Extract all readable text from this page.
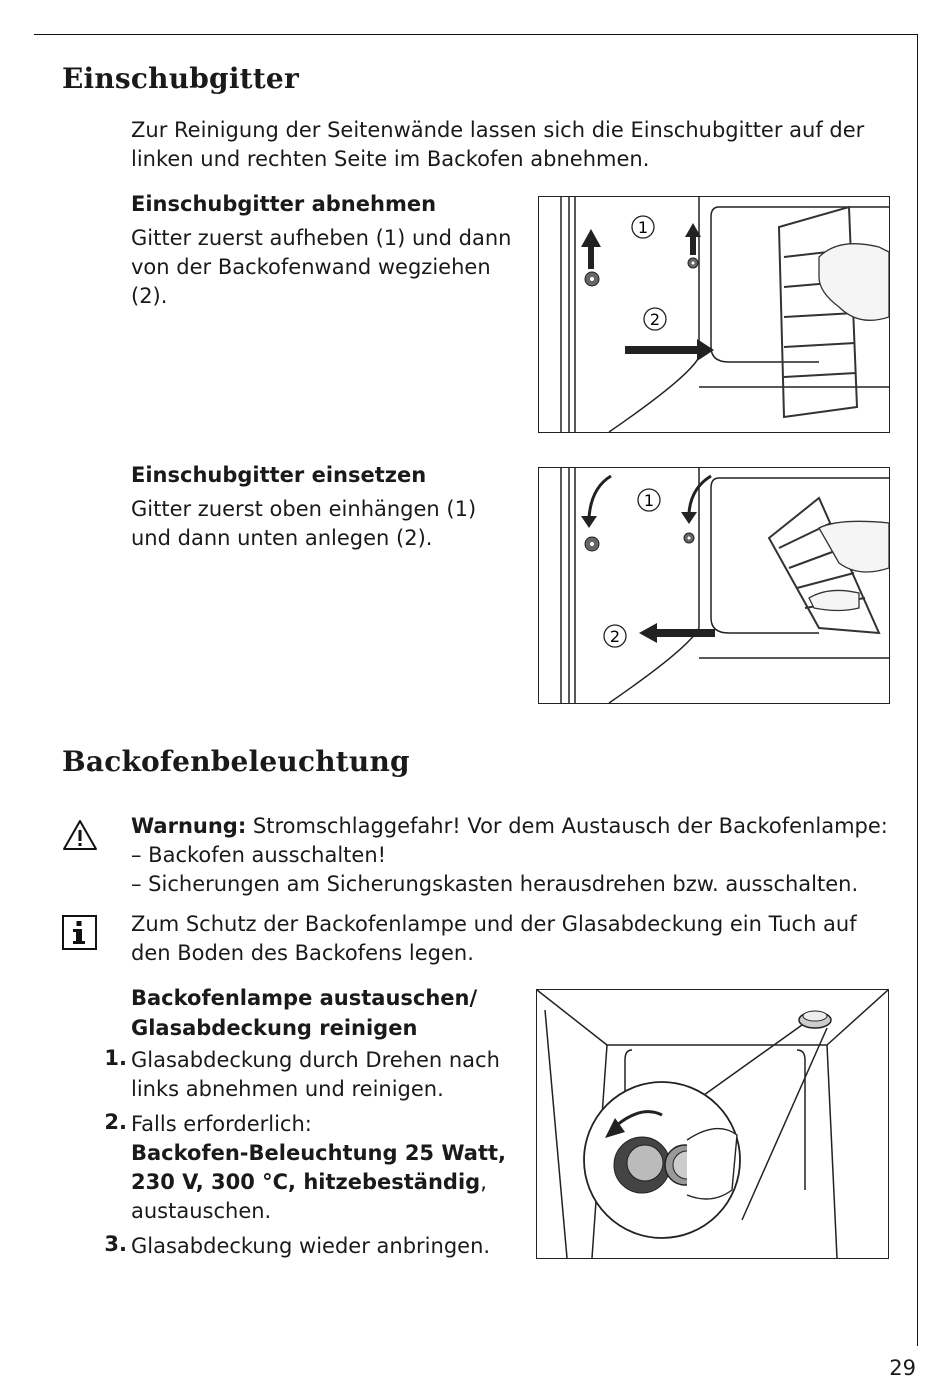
Einschubgitter
Zur Reinigung der Seitenwände lassen sich die Einschubgitter auf der
linken und rechten Seite im Backofen abnehmen.
Einschubgitter abnehmen
Gitter zuerst aufheben (1) und dann
von der Backofenwand wegziehen
(2).
1
2
Einschubgitter einsetzen
Gitter zuerst oben einhängen (1)
und dann unten anlegen (2).
1
2
Backofenbeleuchtung
Warnung: Stromschlaggefahr! Vor dem Austausch der Backofenlampe:
– Backofen ausschalten!
– Sicherungen am Sicherungskasten herausdrehen bzw. ausschalten.
Zum Schutz der Backofenlampe und der Glasabdeckung ein Tuch auf
den Boden des Backofens legen.
Backofenlampe austauschen/
Glasabdeckung reinigen
1. Glasabdeckung durch Drehen nach
links abnehmen und reinigen.
2. Falls erforderlich:
Backofen-Beleuchtung 25 Watt,
230 V, 300 °C, hitzebeständig,
austauschen.
3. Glasabdeckung wieder anbringen.
29
